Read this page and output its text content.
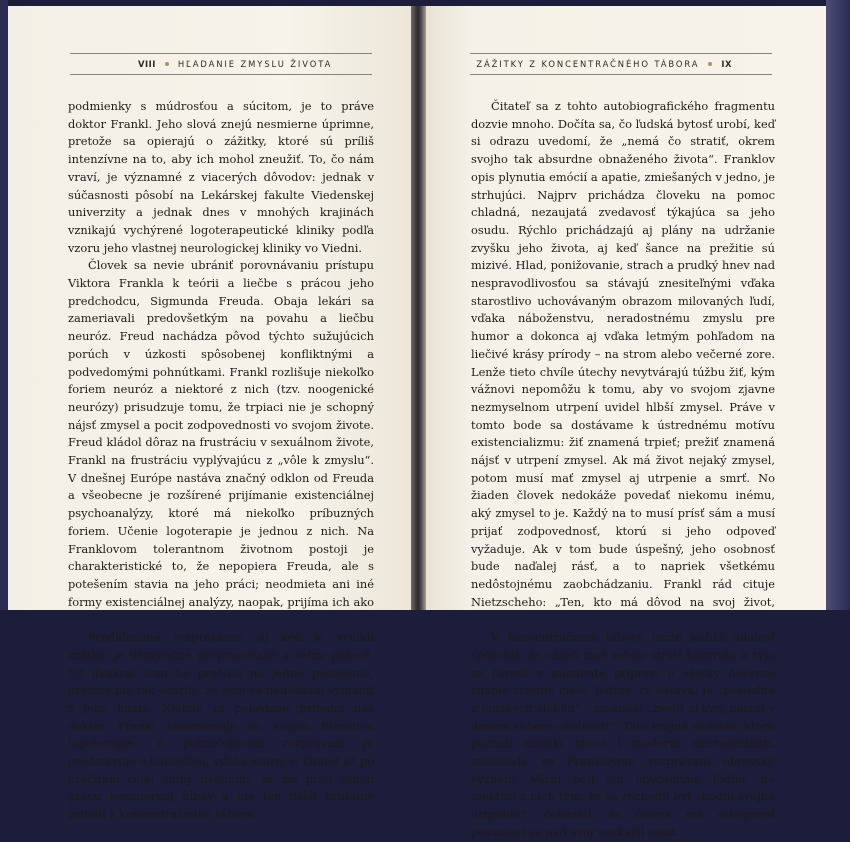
VIII	HĽADANIE ZMYSLU ŽIVOTA

podmienky s múdrosťou a súcitom, je to práve doktor Frankl. Jeho slová znejú nesmierne úprimne, pretože sa opierajú o zážitky, ktoré sú príliš intenzívne na to, aby ich mohol zneužiť. To, čo nám vraví, je významné z viacerých dôvodov: jednak v súčasnosti pôsobí na Lekárskej fakulte Viedenskej univerzity a jednak dnes v mnohých krajinách vznikajú vychýrené logoterapeutické kliniky podľa vzoru jeho vlastnej neurologickej kliniky vo Viedni.

Človek sa nevie ubrániť porovnávaniu prístupu Viktora Frankla k teórii a liečbe s prácou jeho predchodcu, Sigmunda Freuda. Obaja lekári sa zameriavali predovšetkým na povahu a liečbu neuróz. Freud nachádza pôvod týchto sužujúcich porúch v úzkosti spôsobenej konfliktnými a podvedomými pohnútkami. Frankl rozlišuje niekoľko foriem neuróz a niektoré z nich (tzv. noogenické neurózy) prisudzuje tomu, že trpiaci nie je schopný nájsť zmysel a pocit zodpovednosti vo svojom živote. Freud kládol dôraz na frustráciu v sexuálnom živote, Frankl na frustráciu vyplývajúcu z „vôle k zmyslu“. V dnešnej Európe nastáva značný odklon od Freuda a všeobecne je rozšírené prijímanie existenciálnej psychoanalýzy, ktoré má niekoľko príbuzných foriem. Učenie logoterapie je jednou z nich. Na Franklovom tolerantnom životnom postoji je charakteristické to, že nepopiera Freuda, ale s potešením stavia na jeho práci; neodmieta ani iné formy existenciálnej analýzy, naopak, prijíma ich ako

Predkladané rozprávanie, aj keď je vcelku krátke, je dômyselne prepracované a veľmi pútavé. Už dvakrát som ho prečítal na jedno posedenie, pretože ma tak očarilo, že som sa nedokázal vymaniť z jeho kúzla. Niekde za polovicou príbehu nás doktor Frankl oboznamuje so svojou filozofiou logoterapie. V pokračujúcom rozprávaní ju predstavuje s ľahkosťou, vďaka ktorej si čitateľ až po prečítaní celej knihy uvedomí, že má pred sebou prácu nesmiernej hĺbky a nie len ďalší brutálny príbeh z koncentračného tábora.

ZÁŽITKY Z KONCENTRAČNÉHO TÁBORA	IX

Čitateľ sa z tohto autobiografického fragmentu dozvie mnoho. Dočíta sa, čo ľudská bytosť urobí, keď si odrazu uvedomí, že „nemá čo stratiť, okrem svojho tak absurdne obnaženého života“. Franklov opis plynutia emócií a apatie, zmiešaných v jedno, je strhujúci. Najprv prichádza človeku na pomoc chladná, nezaujatá zvedavosť týkajúca sa jeho osudu. Rýchlo prichádzajú aj plány na udržanie zvyšku jeho života, aj keď šance na prežitie sú mizivé. Hlad, ponižovanie, strach a prudký hnev nad nespravodlivosťou sa stávajú znesiteľnými vďaka starostlivo uchovávaným obrazom milovaných ľudí, vďaka náboženstvu, neradostnému zmyslu pre humor a dokonca aj vďaka letmým pohľadom na liečivé krásy prírody – na strom alebo večerné zore. Lenže tieto chvíle útechy nevytvárajú túžbu žiť, kým vážnovi nepomôžu k tomu, aby vo svojom zjavne nezmyselnom utrpení uvidel hlbší zmysel. Práve v tomto bode sa dostávame k ústrednému motívu existencializmu: žiť znamená trpieť; prežiť znamená nájsť v utrpení zmysel. Ak má život nejaký zmysel, potom musí mať zmysel aj utrpenie a smrť. No žiaden človek nedokáže povedať niekomu inému, aký zmysel to je. Každý na to musí prísť sám a musí prijať zodpovednosť, ktorú si jeho odpoveď vyžaduje. Ak v tom bude úspešný, jeho osobnosť bude naďalej rásť, a to napriek všetkému nedôstojnému zaobchádzaniu. Frankl rád cituje Nietzscheho: „Ten, kto má dôvod na svoj život,

V koncentračnom tábore môže každá udalosť spôsobiť, že väzeň nad sebou stratí kontrolu a tým sa človek v momente pripraví o všetky dôverne známe životné ciele. Jediné, čo ostáva, je „posledná z ľudských slobôd“ – možnosť „zvoliť si svoj postoj v danom súbore okolností“. Táto krajná sloboda, ktorú poznali antickí stoici i moderní existencialisti, nadobúda vo Franklovom rozprávaní obrovský význam. Väzni boli len obyčajnými ľuďmi, no niektorí z nich tým, že sa rozhodli byť „hodní svojho utrpenia“, dokázali, že človek má schopnosť povzniesť sa nad svoj vonkajší osud.
